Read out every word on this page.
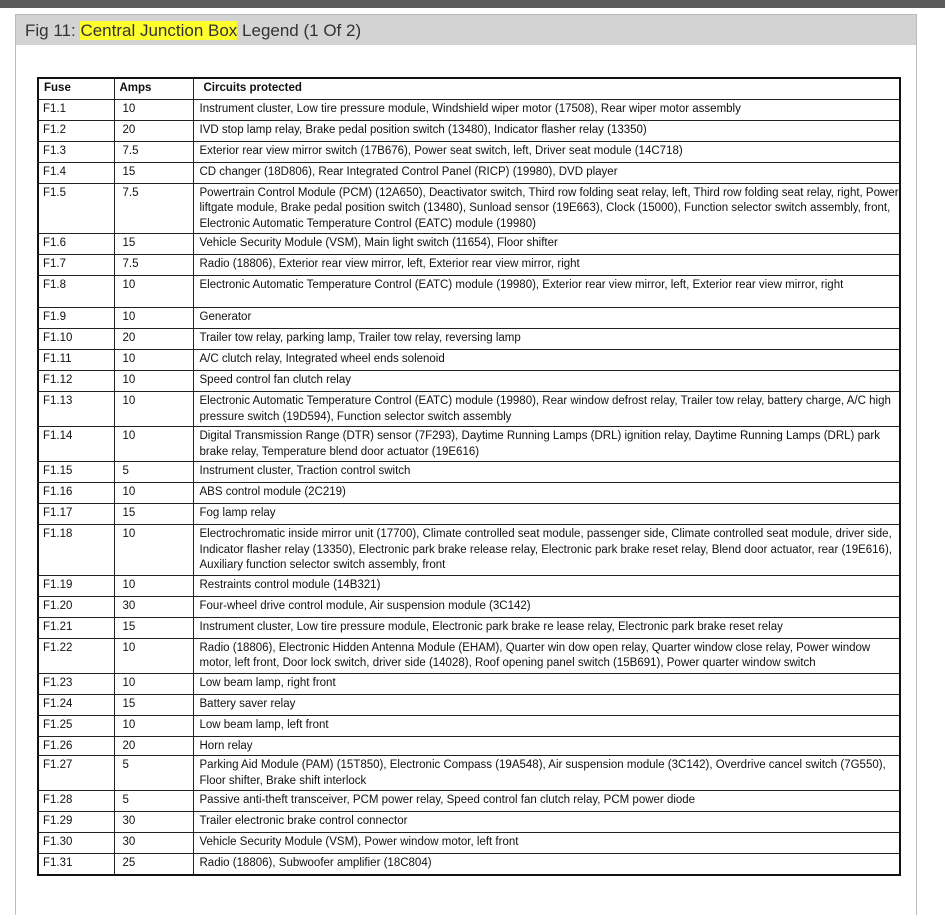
Fig 11: Central Junction Box Legend (1 Of 2)
Fuse	Amps	Circuits protected
F1.1	10	Instrument cluster, Low tire pressure module, Windshield wiper motor (17508), Rear wiper motor assembly
F1.2	20	IVD stop lamp relay, Brake pedal position switch (13480), Indicator flasher relay (13350)
F1.3	7.5	Exterior rear view mirror switch (17B676), Power seat switch, left, Driver seat module (14C718)
F1.4	15	CD changer (18D806), Rear Integrated Control Panel (RICP) (19980), DVD player
F1.5	7.5	Powertrain Control Module (PCM) (12A650), Deactivator switch, Third row folding seat relay, left, Third row folding seat relay, right, Power liftgate module, Brake pedal position switch (13480), Sunload sensor (19E663), Clock (15000), Function selector switch assembly, front, Electronic Automatic Temperature Control (EATC) module (19980)
F1.6	15	Vehicle Security Module (VSM), Main light switch (11654), Floor shifter
F1.7	7.5	Radio (18806), Exterior rear view mirror, left, Exterior rear view mirror, right
F1.8	10	Electronic Automatic Temperature Control (EATC) module (19980), Exterior rear view mirror, left, Exterior rear view mirror, right
F1.9	10	Generator
F1.10	20	Trailer tow relay, parking lamp, Trailer tow relay, reversing lamp
F1.11	10	A/C clutch relay, Integrated wheel ends solenoid
F1.12	10	Speed control fan clutch relay
F1.13	10	Electronic Automatic Temperature Control (EATC) module (19980), Rear window defrost relay, Trailer tow relay, battery charge, A/C high pressure switch (19D594), Function selector switch assembly
F1.14	10	Digital Transmission Range (DTR) sensor (7F293), Daytime Running Lamps (DRL) ignition relay, Daytime Running Lamps (DRL) park brake relay, Temperature blend door actuator (19E616)
F1.15	5	Instrument cluster, Traction control switch
F1.16	10	ABS control module (2C219)
F1.17	15	Fog lamp relay
F1.18	10	Electrochromatic inside mirror unit (17700), Climate controlled seat module, passenger side, Climate controlled seat module, driver side, Indicator flasher relay (13350), Electronic park brake release relay, Electronic park brake reset relay, Blend door actuator, rear (19E616), Auxiliary function selector switch assembly, front
F1.19	10	Restraints control module (14B321)
F1.20	30	Four-wheel drive control module, Air suspension module (3C142)
F1.21	15	Instrument cluster, Low tire pressure module, Electronic park brake re lease relay, Electronic park brake reset relay
F1.22	10	Radio (18806), Electronic Hidden Antenna Module (EHAM), Quarter win dow open relay, Quarter window close relay, Power window motor, left front, Door lock switch, driver side (14028), Roof opening panel switch (15B691), Power quarter window switch
F1.23	10	Low beam lamp, right front
F1.24	15	Battery saver relay
F1.25	10	Low beam lamp, left front
F1.26	20	Horn relay
F1.27	5	Parking Aid Module (PAM) (15T850), Electronic Compass (19A548), Air suspension module (3C142), Overdrive cancel switch (7G550), Floor shifter, Brake shift interlock
F1.28	5	Passive anti-theft transceiver, PCM power relay, Speed control fan clutch relay, PCM power diode
F1.29	30	Trailer electronic brake control connector
F1.30	30	Vehicle Security Module (VSM), Power window motor, left front
F1.31	25	Radio (18806), Subwoofer amplifier (18C804)
